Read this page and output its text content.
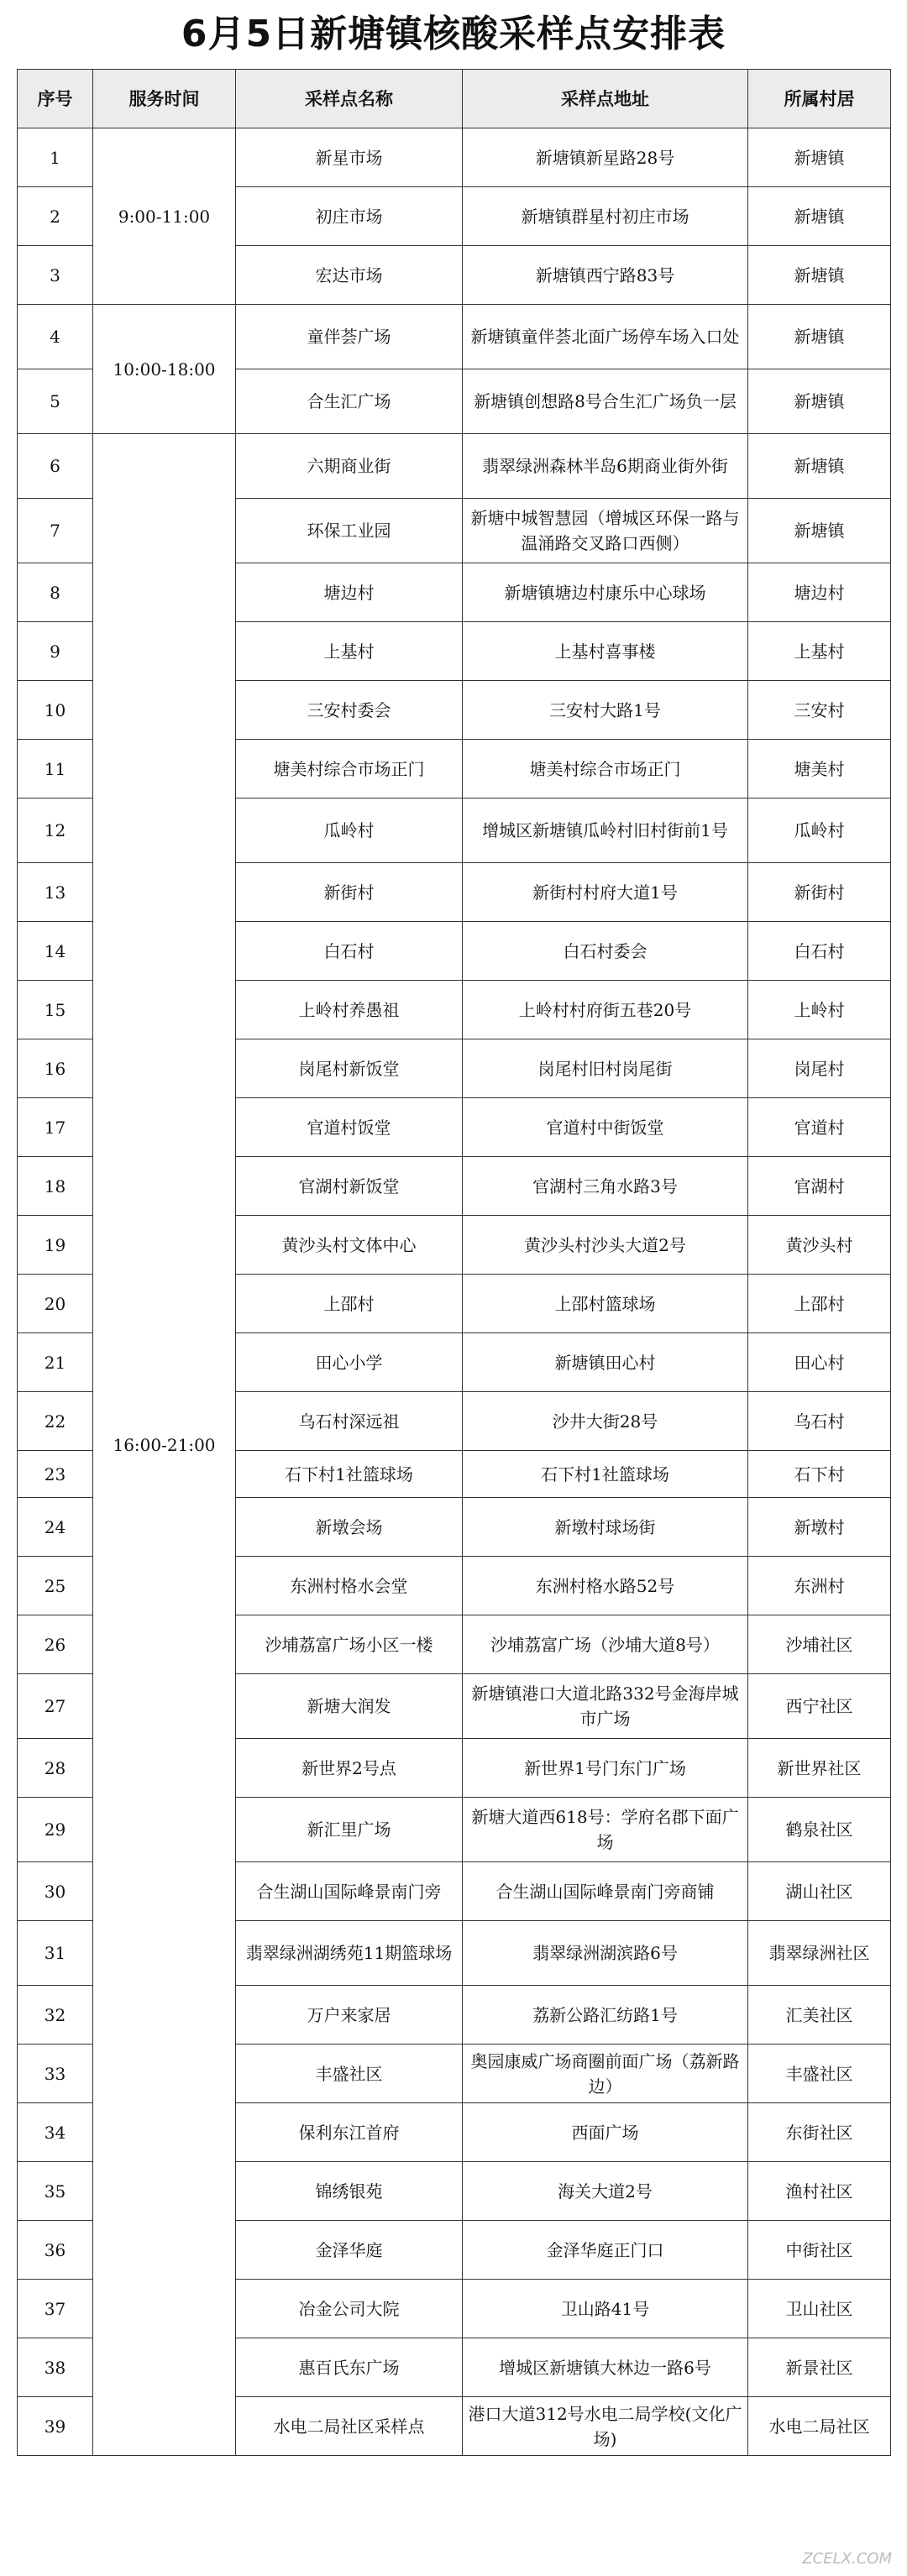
6月5日新塘镇核酸采样点安排表
序号	服务时间	采样点名称	采样点地址	所属村居
1	9:00-11:00	新星市场	新塘镇新星路28号	新塘镇
2		初庄市场	新塘镇群星村初庄市场	新塘镇
3		宏达市场	新塘镇西宁路83号	新塘镇
4	10:00-18:00	童伴荟广场	新塘镇童伴荟北面广场停车场入口处	新塘镇
5		合生汇广场	新塘镇创想路8号合生汇广场负一层	新塘镇
6	16:00-21:00	六期商业街	翡翠绿洲森林半岛6期商业街外街	新塘镇
7		环保工业园	新塘中城智慧园（增城区环保一路与温涌路交叉路口西侧）	新塘镇
8		塘边村	新塘镇塘边村康乐中心球场	塘边村
9		上基村	上基村喜事楼	上基村
10		三安村委会	三安村大路1号	三安村
11		塘美村综合市场正门	塘美村综合市场正门	塘美村
12		瓜岭村	增城区新塘镇瓜岭村旧村街前1号	瓜岭村
13		新街村	新街村村府大道1号	新街村
14		白石村	白石村委会	白石村
15		上岭村养愚祖	上岭村村府街五巷20号	上岭村
16		岗尾村新饭堂	岗尾村旧村岗尾街	岗尾村
17		官道村饭堂	官道村中街饭堂	官道村
18		官湖村新饭堂	官湖村三角水路3号	官湖村
19		黄沙头村文体中心	黄沙头村沙头大道2号	黄沙头村
20		上邵村	上邵村篮球场	上邵村
21		田心小学	新塘镇田心村	田心村
22		乌石村深远祖	沙井大街28号	乌石村
23		石下村1社篮球场	石下村1社篮球场	石下村
24		新墩会场	新墩村球场街	新墩村
25		东洲村格水会堂	东洲村格水路52号	东洲村
26		沙埔荔富广场小区一楼	沙埔荔富广场（沙埔大道8号）	沙埔社区
27		新塘大润发	新塘镇港口大道北路332号金海岸城市广场	西宁社区
28		新世界2号点	新世界1号门东门广场	新世界社区
29		新汇里广场	新塘大道西618号：学府名郡下面广场	鹤泉社区
30		合生湖山国际峰景南门旁	合生湖山国际峰景南门旁商铺	湖山社区
31		翡翠绿洲湖绣苑11期篮球场	翡翠绿洲湖滨路6号	翡翠绿洲社区
32		万户来家居	荔新公路汇纺路1号	汇美社区
33		丰盛社区	奥园康威广场商圈前面广场（荔新路边）	丰盛社区
34		保利东江首府	西面广场	东街社区
35		锦绣银苑	海关大道2号	渔村社区
36		金泽华庭	金泽华庭正门口	中街社区
37		冶金公司大院	卫山路41号	卫山社区
38		惠百氏东广场	增城区新塘镇大林边一路6号	新景社区
39		水电二局社区采样点	港口大道312号水电二局学校(文化广场)	水电二局社区
ZCELX.COM
